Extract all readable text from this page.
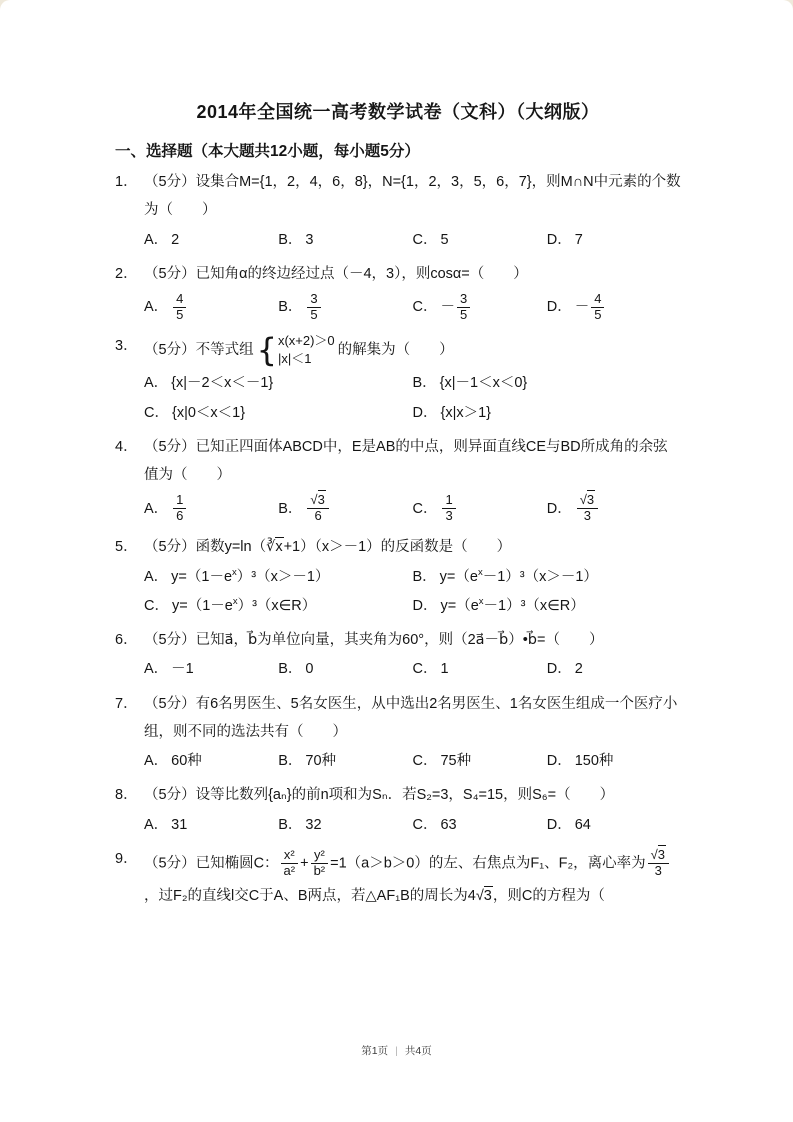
2014年全国统一高考数学试卷（文科）（大纲版）
一、选择题（本大题共12小题，每小题5分）
1． （5分）设集合M={1，2，4，6，8}，N={1，2，3，5，6，7}，则M∩N中元素的个数为（　　）
A． 2	B． 3	C． 5	D． 7
2． （5分）已知角α的终边经过点（－4，3），则cosα=（　　）
A． $\frac{4}{5}$	B． $\frac{3}{5}$	C． － $\frac{3}{5}$	D． － $\frac{4}{5}$
3． （5分）不等式组 { x(x+2)＞0
|x|＜1
的解集为（　　）
A． {x|－2＜x＜－1}	B． {x|－1＜x＜0}
C． {x|0＜x＜1}	D． {x|x＞1}
4． （5分）已知正四面体ABCD中，E是AB的中点，则异面直线CE与BD所成角的余弦值为（　　）
A． $\frac{1}{6}$	B． $\frac{√3}{6}$	C． $\frac{1}{3}$	D． $\frac{√3}{3}$
5． （5分）函数y=ln（∛x+1）（x＞－1）的反函数是（　　）
A． $y=(1-e^x)^3(x>-1)$	B． $y=(e^x-1)^3(x>-1)$
C． $y=(1-e^x)^3(x\in R)$	D． $y=(e^x-1)^3(x\in R)$
6． （5分）已知a⃗，b⃗为单位向量，其夹角为60°，则（2a⃗－b⃗）•b⃗=（　　）
A． －1	B． 0	C． 1	D． 2
7． （5分）有6名男医生、5名女医生，从中选出2名男医生、1名女医生组成一个医疗小组，则不同的选法共有（　　）
A． 60种	B． 70种	C． 75种	D． 150种
8． （5分）设等比数列{aₙ}的前n项和为Sₙ．若S₂=3，S₄=15，则S₆=（　　）
A． 31	B． 32	C． 63	D． 64
9． （5分）已知椭圆C： $\frac{\text{x²}}{\text{a²}} + \frac{\text{y²}}{\text{b²}} =1(a>b>0)$的左、右焦点为F₁、F₂，离心率为 $\frac{√3}{3}$
，过F₂的直线l交C于A、B两点，若△AF₁B的周长为4√3，则C的方程为（
第1页 | 共4页
